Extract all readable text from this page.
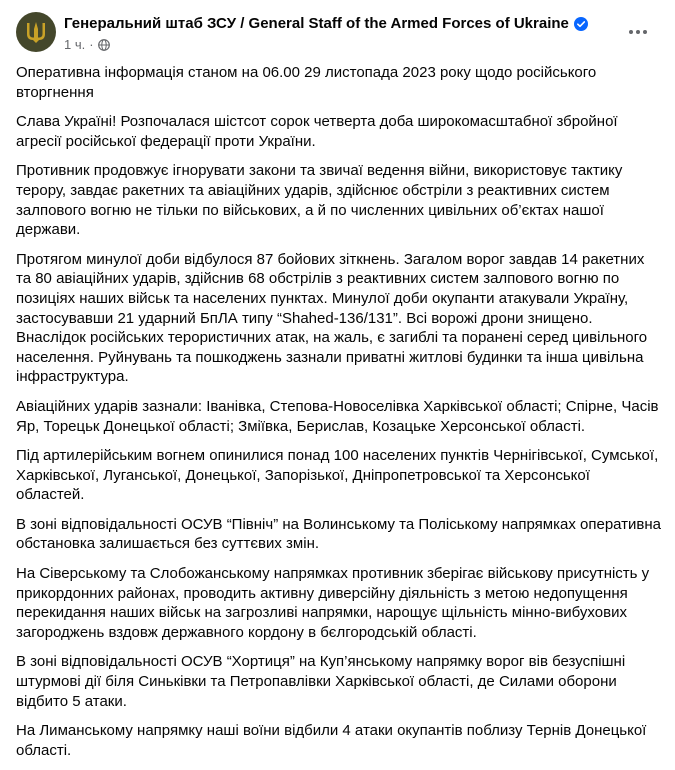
Генеральний штаб ЗСУ / General Staff of the Armed Forces of Ukraine
1 ч. ·

Оперативна інформація станом на 06.00 29 листопада 2023 року щодо російського вторгнення

Слава Україні! Розпочалася шістсот сорок четверта доба широкомасштабної збройної агресії російської федерації проти України.

Противник продовжує ігнорувати закони та звичаї ведення війни, використовує тактику терору, завдає ракетних та авіаційних ударів, здійснює обстріли з реактивних систем залпового вогню не тільки по військових, а й по численних цивільних об’єктах нашої держави.

Протягом минулої доби відбулося 87 бойових зіткнень. Загалом ворог завдав 14 ракетних та 80 авіаційних ударів, здійснив 68 обстрілів з реактивних систем залпового вогню по позиціях наших військ та населених пунктах. Минулої доби окупанти атакували Україну, застосувавши 21 ударний БпЛА типу “Shahed-136/131”. Всі ворожі дрони знищено. Внаслідок російських терористичних атак, на жаль, є загиблі та поранені серед цивільного населення. Руйнувань та пошкоджень зазнали приватні житлові будинки та інша цивільна інфраструктура.

Авіаційних ударів зазнали: Іванівка, Степова-Новоселівка Харківської області; Спірне, Часів Яр, Торецьк Донецької області; Зміївка, Берислав, Козацьке Херсонської області.

Під артилерійським вогнем опинилися понад 100 населених пунктів Чернігівської, Сумської, Харківської, Луганської, Донецької, Запорізької, Дніпропетровської та Херсонської областей.

В зоні відповідальності ОСУВ “Північ” на Волинському та Поліському напрямках оперативна обстановка залишається без суттєвих змін.

На Сіверському та Слобожанському напрямках противник зберігає військову присутність у прикордонних районах, проводить активну диверсійну діяльність з метою недопущення перекидання наших військ на загрозливі напрямки, нарощує щільність мінно-вибухових загороджень вздовж державного кордону в бєлгородській області.

В зоні відповідальності ОСУВ “Хортиця” на Куп’янському напрямку ворог вів безуспішні штурмові дії біля Синьківки та Петропавлівки Харківської області, де Силами оборони відбито 5 атаки.

На Лиманському напрямку наші воїни відбили 4 атаки окупантів поблизу Тернів Донецької області.
